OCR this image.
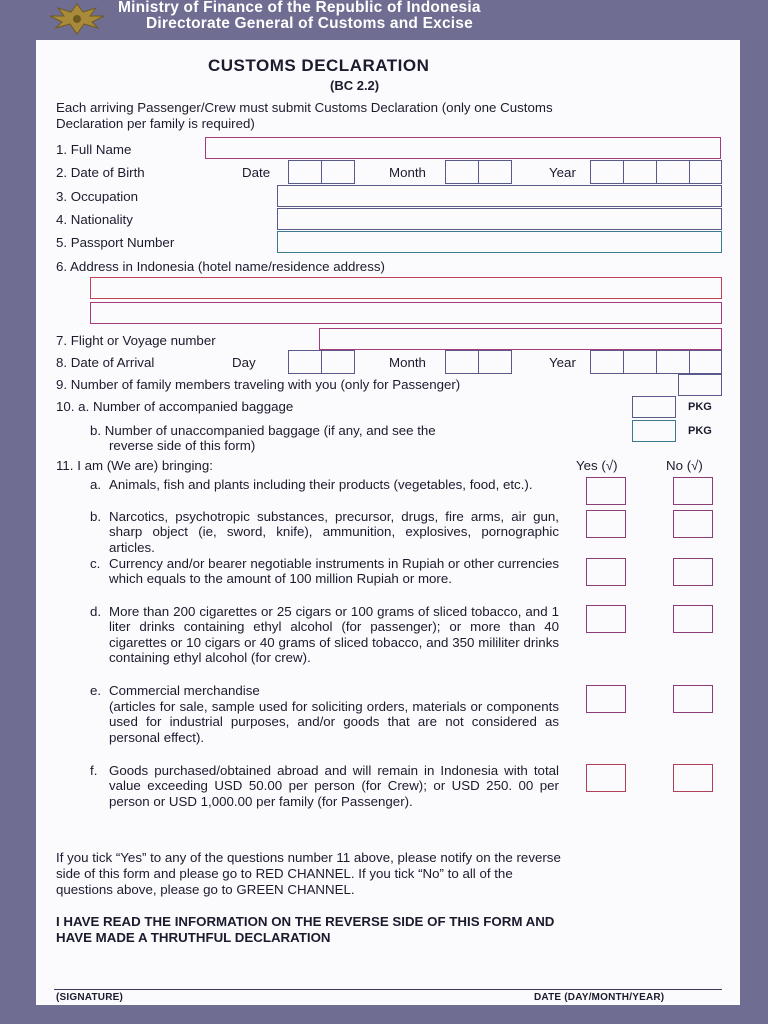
Ministry of Finance of the Republic of Indonesia
Directorate General of Customs and Excise
CUSTOMS DECLARATION
(BC 2.2)
Each arriving Passenger/Crew must submit Customs Declaration (only one Customs
Declaration per family is required)
1. Full Name
2. Date of Birth	Date	Month	Year
3. Occupation
4. Nationality
5. Passport Number
6. Address in Indonesia (hotel name/residence address)
7. Flight or Voyage number
8. Date of Arrival	Day	Month	Year
9. Number of family members traveling with you (only for Passenger)
10. a. Number of accompanied baggage	PKG
b. Number of unaccompanied baggage (if any, and see the
reverse side of this form)
PKG
11. I am (We are) bringing:	Yes (√)	No (√)
a. Animals, fish and plants including their products (vegetables, food, etc.).
b. Narcotics, psychotropic substances, precursor, drugs, fire arms, air gun, sharp object (ie, sword, knife), ammunition, explosives, pornographic articles.
c. Currency and/or bearer negotiable instruments in Rupiah or other currencies which equals to the amount of 100 million Rupiah or more.
d. More than 200 cigarettes or 25 cigars or 100 grams of sliced tobacco, and 1 liter drinks containing ethyl alcohol (for passenger); or more than 40 cigarettes or 10 cigars or 40 grams of sliced tobacco, and 350 mililiter drinks containing ethyl alcohol (for crew).
e. Commercial merchandise
(articles for sale, sample used for soliciting orders, materials or components used for industrial purposes, and/or goods that are not considered as personal effect).
f. Goods purchased/obtained abroad and will remain in Indonesia with total value exceeding USD 50.00 per person (for Crew); or USD 250. 00 per person or USD 1,000.00 per family (for Passenger).
If you tick “Yes” to any of the questions number 11 above, please notify on the reverse
side of this form and please go to RED CHANNEL. If you tick “No” to all of the
questions above, please go to GREEN CHANNEL.
I HAVE READ THE INFORMATION ON THE REVERSE SIDE OF THIS FORM AND
HAVE MADE A THRUTHFUL DECLARATION
(SIGNATURE)	DATE (DAY/MONTH/YEAR)
